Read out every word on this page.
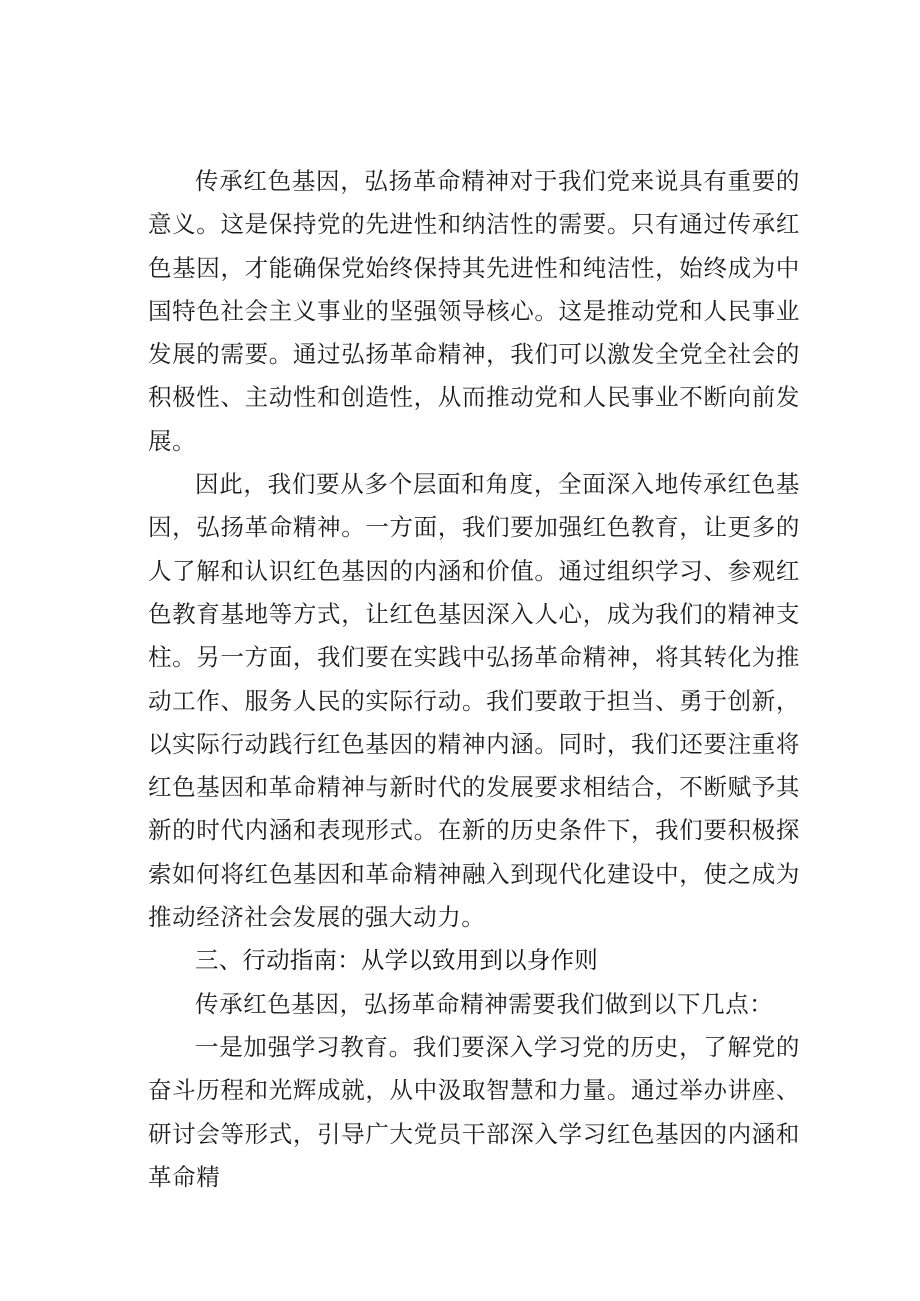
传承红色基因，弘扬革命精神对于我们党来说具有重要的意义。这是保持党的先进性和纳洁性的需要。只有通过传承红色基因，才能确保党始终保持其先进性和纯洁性，始终成为中国特色社会主义事业的坚强领导核心。这是推动党和人民事业发展的需要。通过弘扬革命精神，我们可以激发全党全社会的积极性、主动性和创造性，从而推动党和人民事业不断向前发展。

因此，我们要从多个层面和角度，全面深入地传承红色基因，弘扬革命精神。一方面，我们要加强红色教育，让更多的人了解和认识红色基因的内涵和价值。通过组织学习、参观红色教育基地等方式，让红色基因深入人心，成为我们的精神支柱。另一方面，我们要在实践中弘扬革命精神，将其转化为推动工作、服务人民的实际行动。我们要敢于担当、勇于创新，以实际行动践行红色基因的精神内涵。同时，我们还要注重将红色基因和革命精神与新时代的发展要求相结合，不断赋予其新的时代内涵和表现形式。在新的历史条件下，我们要积极探索如何将红色基因和革命精神融入到现代化建设中，使之成为推动经济社会发展的强大动力。

三、行动指南：从学以致用到以身作则

传承红色基因，弘扬革命精神需要我们做到以下几点：

一是加强学习教育。我们要深入学习党的历史，了解党的奋斗历程和光辉成就，从中汲取智慧和力量。通过举办讲座、研讨会等形式，引导广大党员干部深入学习红色基因的内涵和革命精
